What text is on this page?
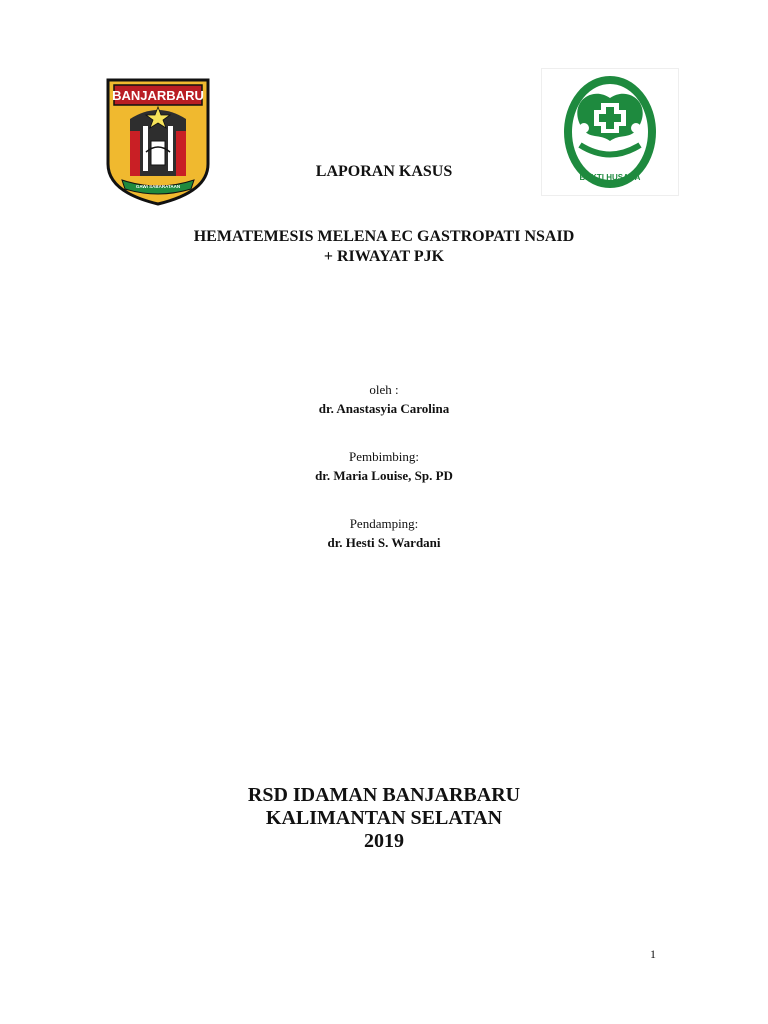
BANJARBARU
GAWI SABARATAAN
BAKTI HUSADA
LAPORAN KASUS
HEMATEMESIS MELENA EC GASTROPATI NSAID
+ RIWAYAT PJK
oleh :
dr. Anastasyia Carolina
Pembimbing:
dr. Maria Louise, Sp. PD
Pendamping:
dr. Hesti S. Wardani
RSD IDAMAN BANJARBARU
KALIMANTAN SELATAN
2019
1
